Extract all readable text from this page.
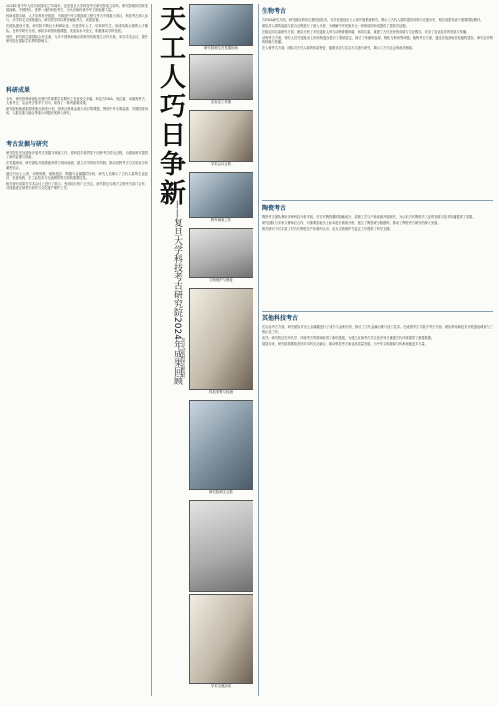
2024年是中华人民共和国成立75周年，也是复旦大学科技考古研究院成立周年。研究院紧扣国家发展战略，中国特色、世界一流的科技考古，为认识和传承中华文明贡献力量。

科研成果丰硕、人才培养有序推进，为推进中华文明探源工程与考古中国重大项目，科技考古深入参与，多学科交叉深度融合。研究院坚持以科技赋能考古，成果显著。

在团队建设方面，研究院不断壮大科研队伍，引进青年人才，培养研究生，形成结构合理的人才梯队。在科学研究方面，承担多项国家级课题，发表高水平论文，积极推动学科发展。

同时，研究院注重国际合作交流，与多个国家和地区的研究机构建立合作关系，举办学术会议，提升研究院在国际学术界的影响力。

科研成果

全年，研究院科研团队在国内外重要学术期刊上发表论文多篇，涉及古DNA、同位素、动植物考古、人骨考古、冶金考古等多个方向，取得了一系列重要成果。

研究院积极承担国家重点研发计划、国家社科基金重大项目等课题，围绕中华文明起源、早期国家形成、人群迁徙与融合等重大问题开展深入研究。

考古发掘与研究

研究院在多处遗址开展考古发掘与调查工作，将科技手段贯穿于田野考古的全过程，为遗址研究提供了新的证据与视角。

在发掘现场，研究团队开展系统采样与现场检测，建立多学科协作机制，推动田野考古与实验室分析紧密结合。

通过对出土人骨、动物骨骼、植物遗存、陶器与金属器的分析，研究人员揭示了古代人群的生业经济、饮食结构、手工业技术与交流网络等方面的重要信息。

相关研究成果在学术会议上进行了展示，受到同行的广泛关注。研究院还与地方文物考古部门合作，共同推进区域考古研究与文化遗产保护工作。

天工人巧日争新
——复旦大学科技考古研究院2024年成果回顾 复旦大学科技考古研究院
研究院师生在发掘现场
实验室工作照
学术会议合影
野外调查工作
文物保护与修复
样品采集与检测
研究院师生合影
学术交流活动
生物考古

古DNA研究方面，研究团队利用古基因组技术，对多处遗址出土人骨开展系统研究，揭示了古代人群的遗传结构与迁徙历史，相关成果发表于重要国际期刊。

团队对人群的起源与混合过程进行了深入分析，为理解中华民族多元一体格局的形成提供了遗传学证据。

在稳定同位素研究方面，团队分析了多处遗址人骨与动物骨骼的碳、氮同位素，重建了古代先民的食谱与生业模式，讨论了农业经济的发展与传播。

动物考古方面，研究人员对遗址出土的动物遗存进行了系统鉴定，探讨了家畜的起源、驯化与利用等问题。植物考古方面，通过浮选获取炭化植物遗存，研究农作物的种植与传播。

在人骨考古方面，团队对古代人群的体质特征、健康状况与生活方式进行研究，揭示了古代社会的诸多侧面。

陶瓷考古

陶瓷考古团队利用多种科技分析手段，对古代陶瓷器的胎釉成分、烧制工艺与产地来源开展研究，为认识古代陶瓷手工业的发展与技术传播提供了依据。

研究团队与多家文博单位合作，对重要窑址出土标本进行系统分析，建立了陶瓷成分数据库，推动了陶瓷考古研究的深入发展。

相关研究不仅丰富了对古代陶瓷生产体系的认识，也为文物保护与鉴定工作提供了科学支撑。

其他科技考古

在冶金考古方面，研究团队对出土金属器进行了成分与金相分析，探讨了古代金属冶炼与加工技术。在遥感考古与数字考古方面，团队利用新技术开展遗址调查与三维记录工作。

此外，研究院还在年代学、环境考古等领域取得了新的进展，为建立区域考古学文化序列与重建古代环境提供了重要数据。

展望未来，研究院将继续坚持多学科交叉融合，推动科技考古事业高质量发展，为中华文明探源与传承贡献更多力量。
